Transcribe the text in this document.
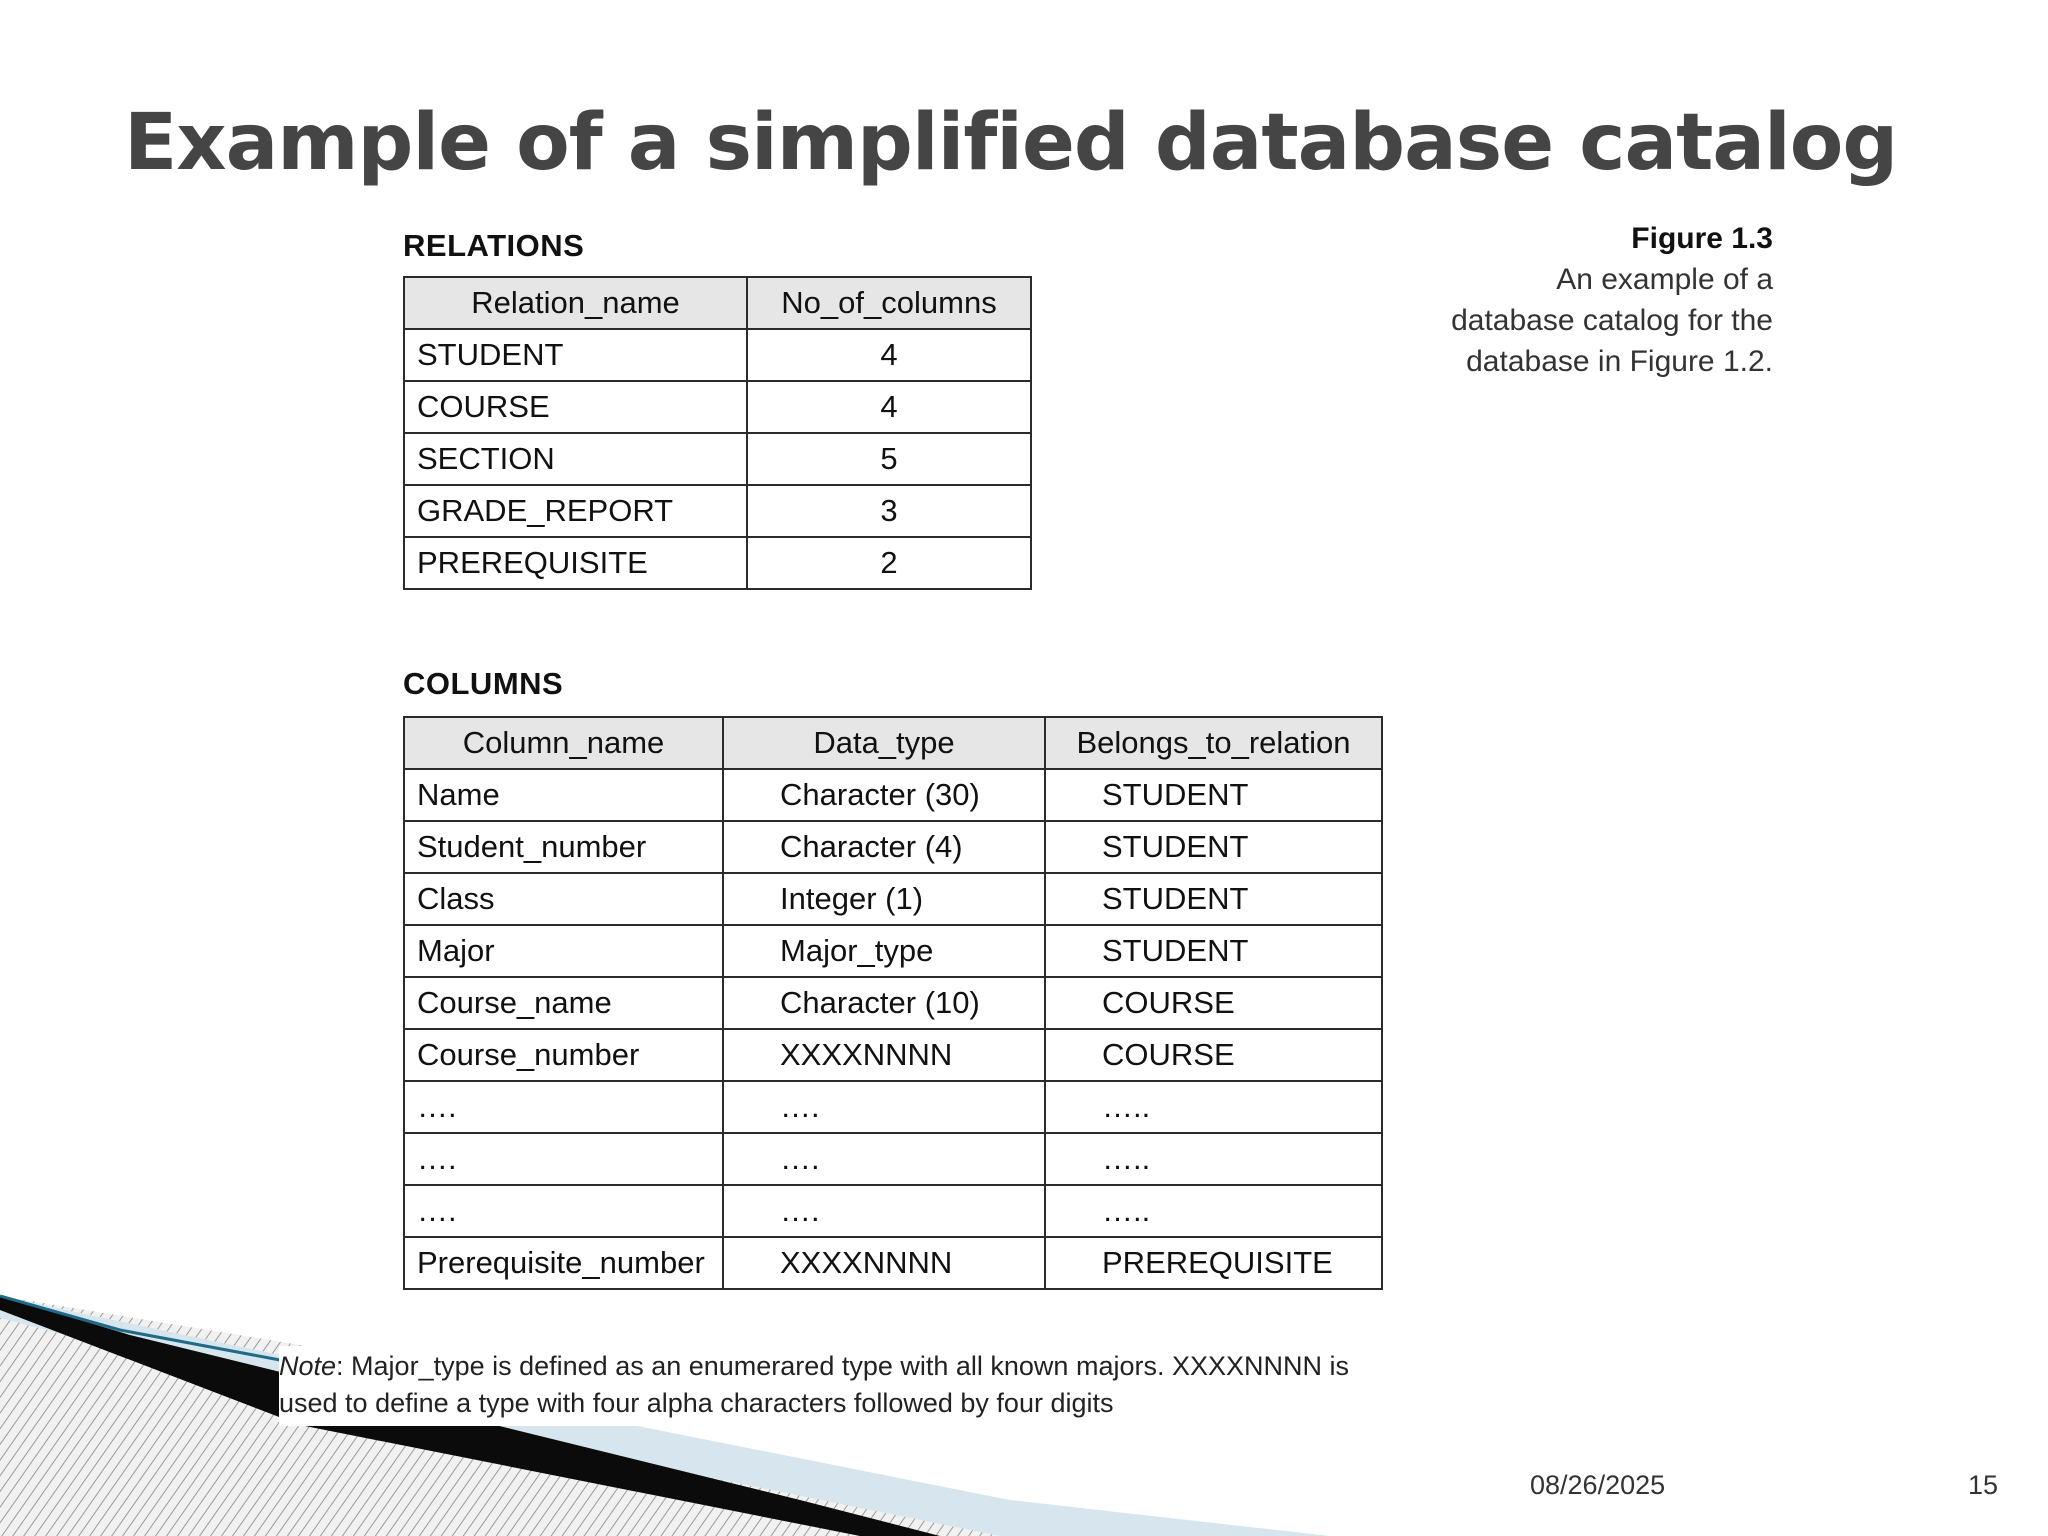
Example of a simplified database catalog
RELATIONS
Relation_name	No_of_columns
STUDENT	4
COURSE	4
SECTION	5
GRADE_REPORT	3
PREREQUISITE	2
Figure 1.3
An example of a
database catalog for the
database in Figure 1.2.
COLUMNS
Column_name	Data_type	Belongs_to_relation
Name	Character (30)	STUDENT
Student_number	Character (4)	STUDENT
Class	Integer (1)	STUDENT
Major	Major_type	STUDENT
Course_name	Character (10)	COURSE
Course_number	XXXXNNNN	COURSE
….	….	…..
….	….	…..
….	….	…..
Prerequisite_number	XXXXNNNN	PREREQUISITE
Note: Major_type is defined as an enumerared type with all known majors. XXXXNNNN is used to define a type with four alpha characters followed by four digits
08/26/2025	15
